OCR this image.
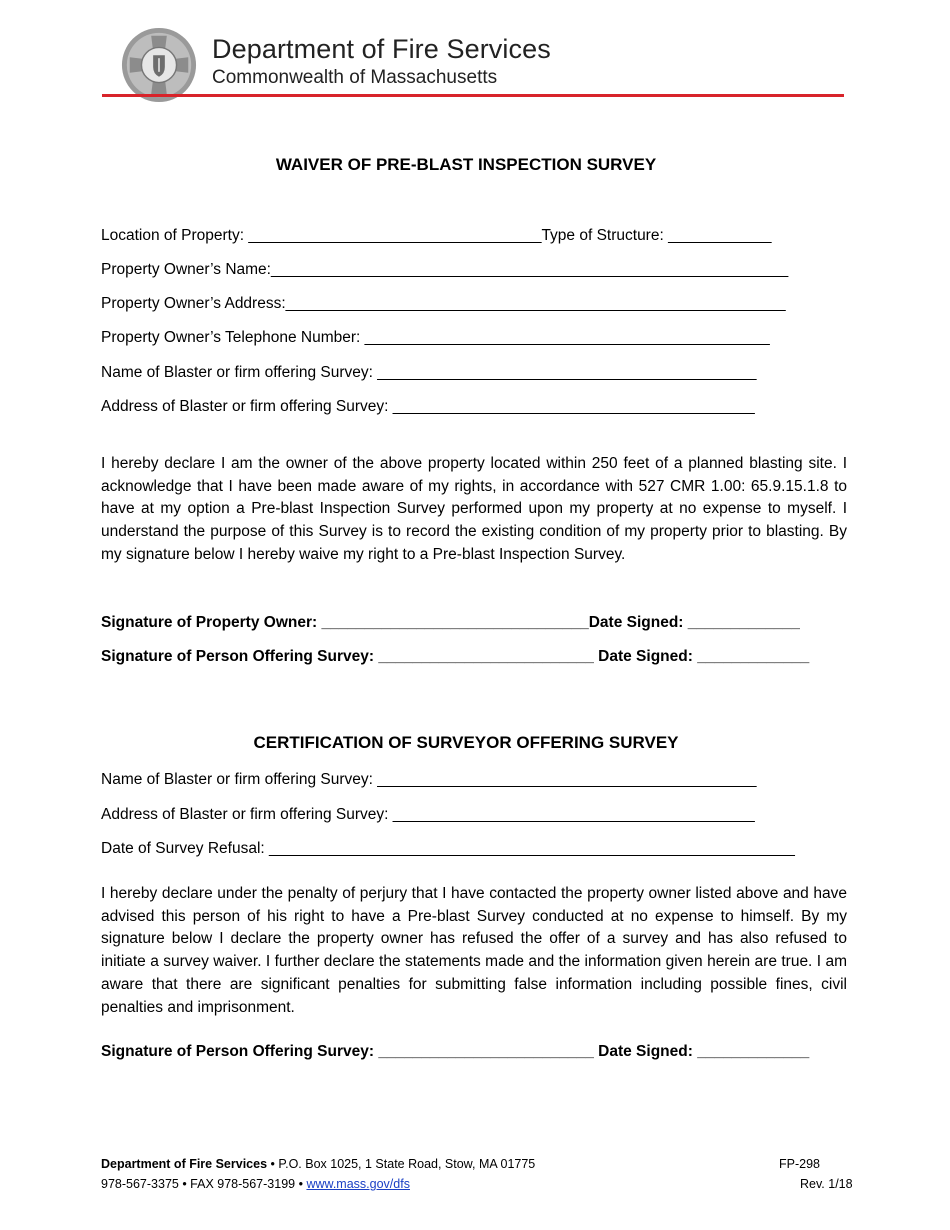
Department of Fire Services
Commonwealth of Massachusetts
WAIVER OF PRE-BLAST INSPECTION SURVEY
Location of Property: __________________________________Type of Structure: ____________
Property Owner’s Name:____________________________________________________________
Property Owner’s Address:__________________________________________________________
Property Owner’s Telephone Number: _______________________________________________
Name of Blaster or firm offering Survey: ____________________________________________
Address of Blaster or firm offering Survey: __________________________________________
I hereby declare I am the owner of the above property located within 250 feet of a planned blasting site. I acknowledge that I have been made aware of my rights, in accordance with 527 CMR 1.00: 65.9.15.1.8 to have at my option a Pre-blast Inspection Survey performed upon my property at no expense to myself. I understand the purpose of this Survey is to record the existing condition of my property prior to blasting. By my signature below I hereby waive my right to a Pre-blast Inspection Survey.
Signature of Property Owner: _______________________________Date Signed: _____________
Signature of Person Offering Survey: _________________________ Date Signed: _____________
CERTIFICATION OF SURVEYOR OFFERING SURVEY
Name of Blaster or firm offering Survey: ____________________________________________
Address of Blaster or firm offering Survey: __________________________________________
Date of Survey Refusal: _____________________________________________________________
I hereby declare under the penalty of perjury that I have contacted the property owner listed above and have advised this person of his right to have a Pre-blast Survey conducted at no expense to himself. By my signature below I declare the property owner has refused the offer of a survey and has also refused to initiate a survey waiver. I further declare the statements made and the information given herein are true. I am aware that there are significant penalties for submitting false information including possible fines, civil penalties and imprisonment.
Signature of Person Offering Survey: _________________________ Date Signed: _____________
Department of Fire Services • P.O. Box 1025, 1 State Road, Stow, MA 01775
978-567-3375 • FAX 978-567-3199 • www.mass.gov/dfs
FP-298
Rev. 1/18
